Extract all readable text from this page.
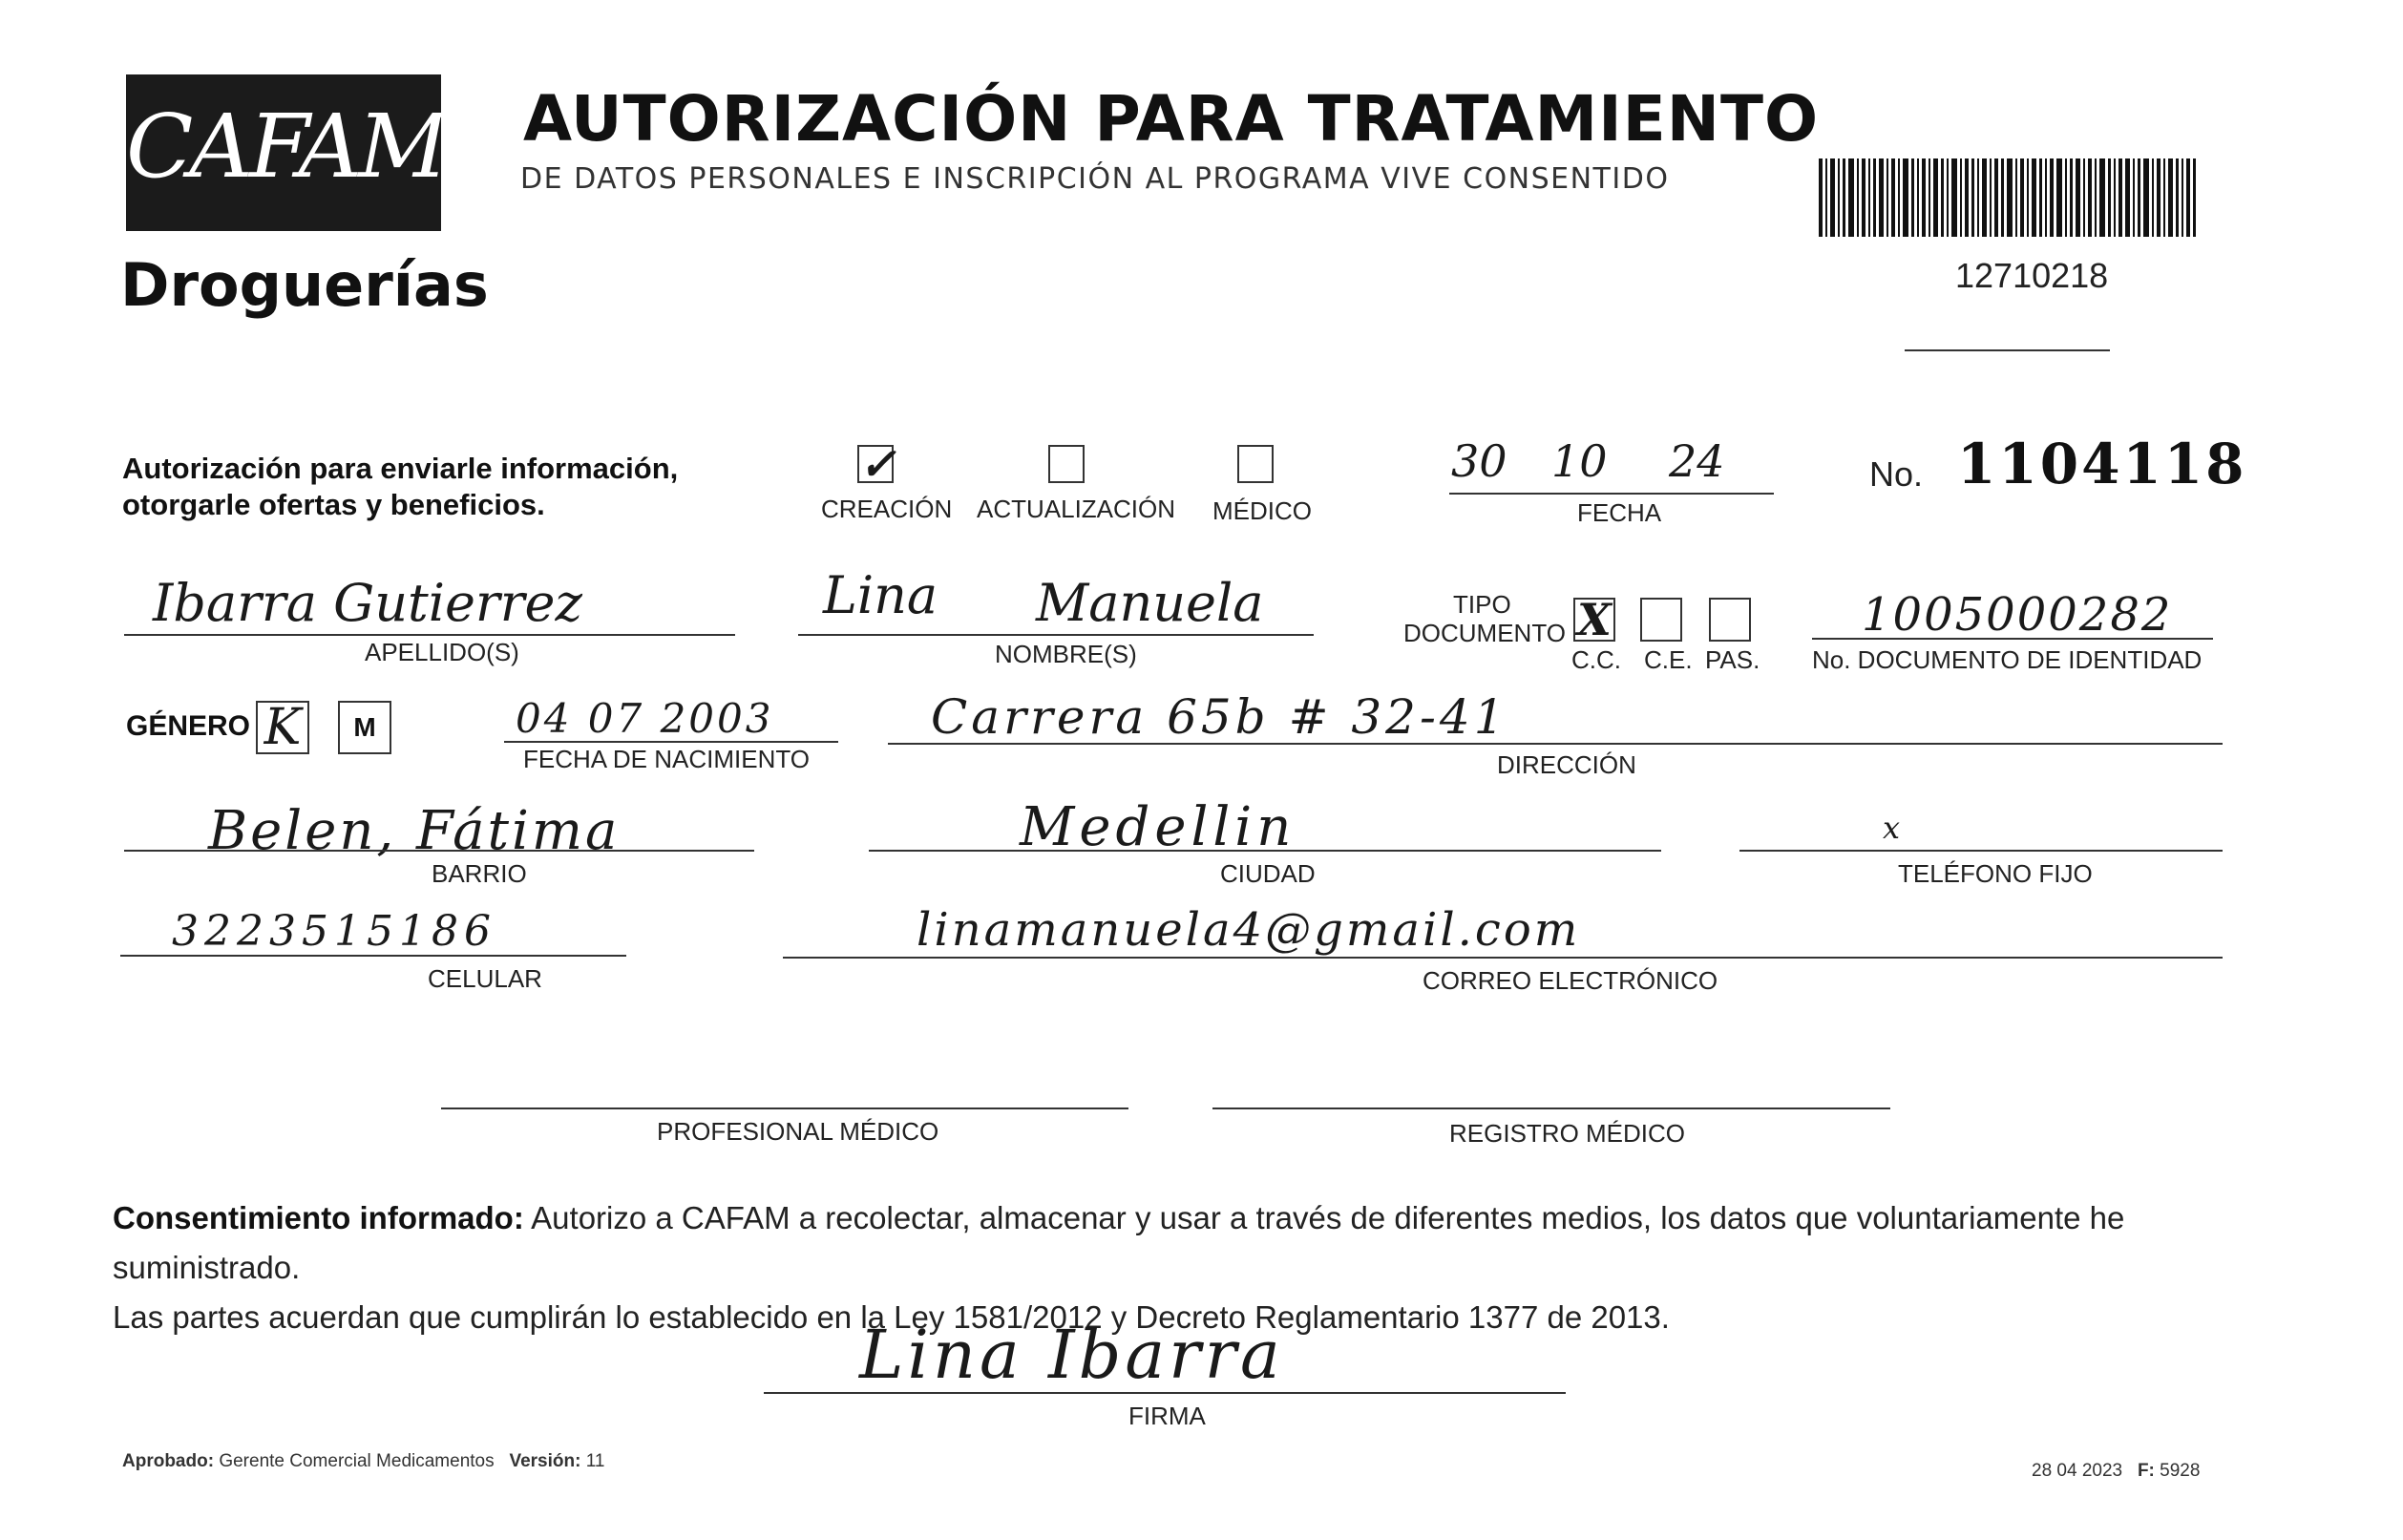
CAFAM
Droguerías
AUTORIZACIÓN PARA TRATAMIENTO
DE DATOS PERSONALES E INSCRIPCIÓN AL PROGRAMA VIVE CONSENTIDO
12710218
Autorización para enviarle información,
otorgarle ofertas y beneficios.
✓
CREACIÓN ACTUALIZACIÓN MÉDICO
30 10 24
FECHA
No. 1104118
Ibarra Gutierrez
APELLIDO(S)
Lina Manuela
NOMBRE(S)
TIPO
DOCUMENTO X
C.C. C.E. PAS.
1005000282
No. DOCUMENTO DE IDENTIDAD
GÉNERO K	M	04 07 2003
FECHA DE NACIMIENTO
Carrera 65b # 32-41
DIRECCIÓN
Belen, Fátima
BARRIO
Medellin
CIUDAD
x
TELÉFONO FIJO
3223515186
CELULAR
linamanuela4@gmail.com
CORREO ELECTRÓNICO
PROFESIONAL MÉDICO	REGISTRO MÉDICO
Consentimiento informado: Autorizo a CAFAM a recolectar, almacenar y usar a través de diferentes medios, los datos que voluntariamente he suministrado.
Las partes acuerdan que cumplirán lo establecido en la Ley 1581/2012 y Decreto Reglamentario 1377 de 2013.
Lina Ibarra
FIRMA
Aprobado: Gerente Comercial Medicamentos Versión: 11	28 04 2023 F: 5928
